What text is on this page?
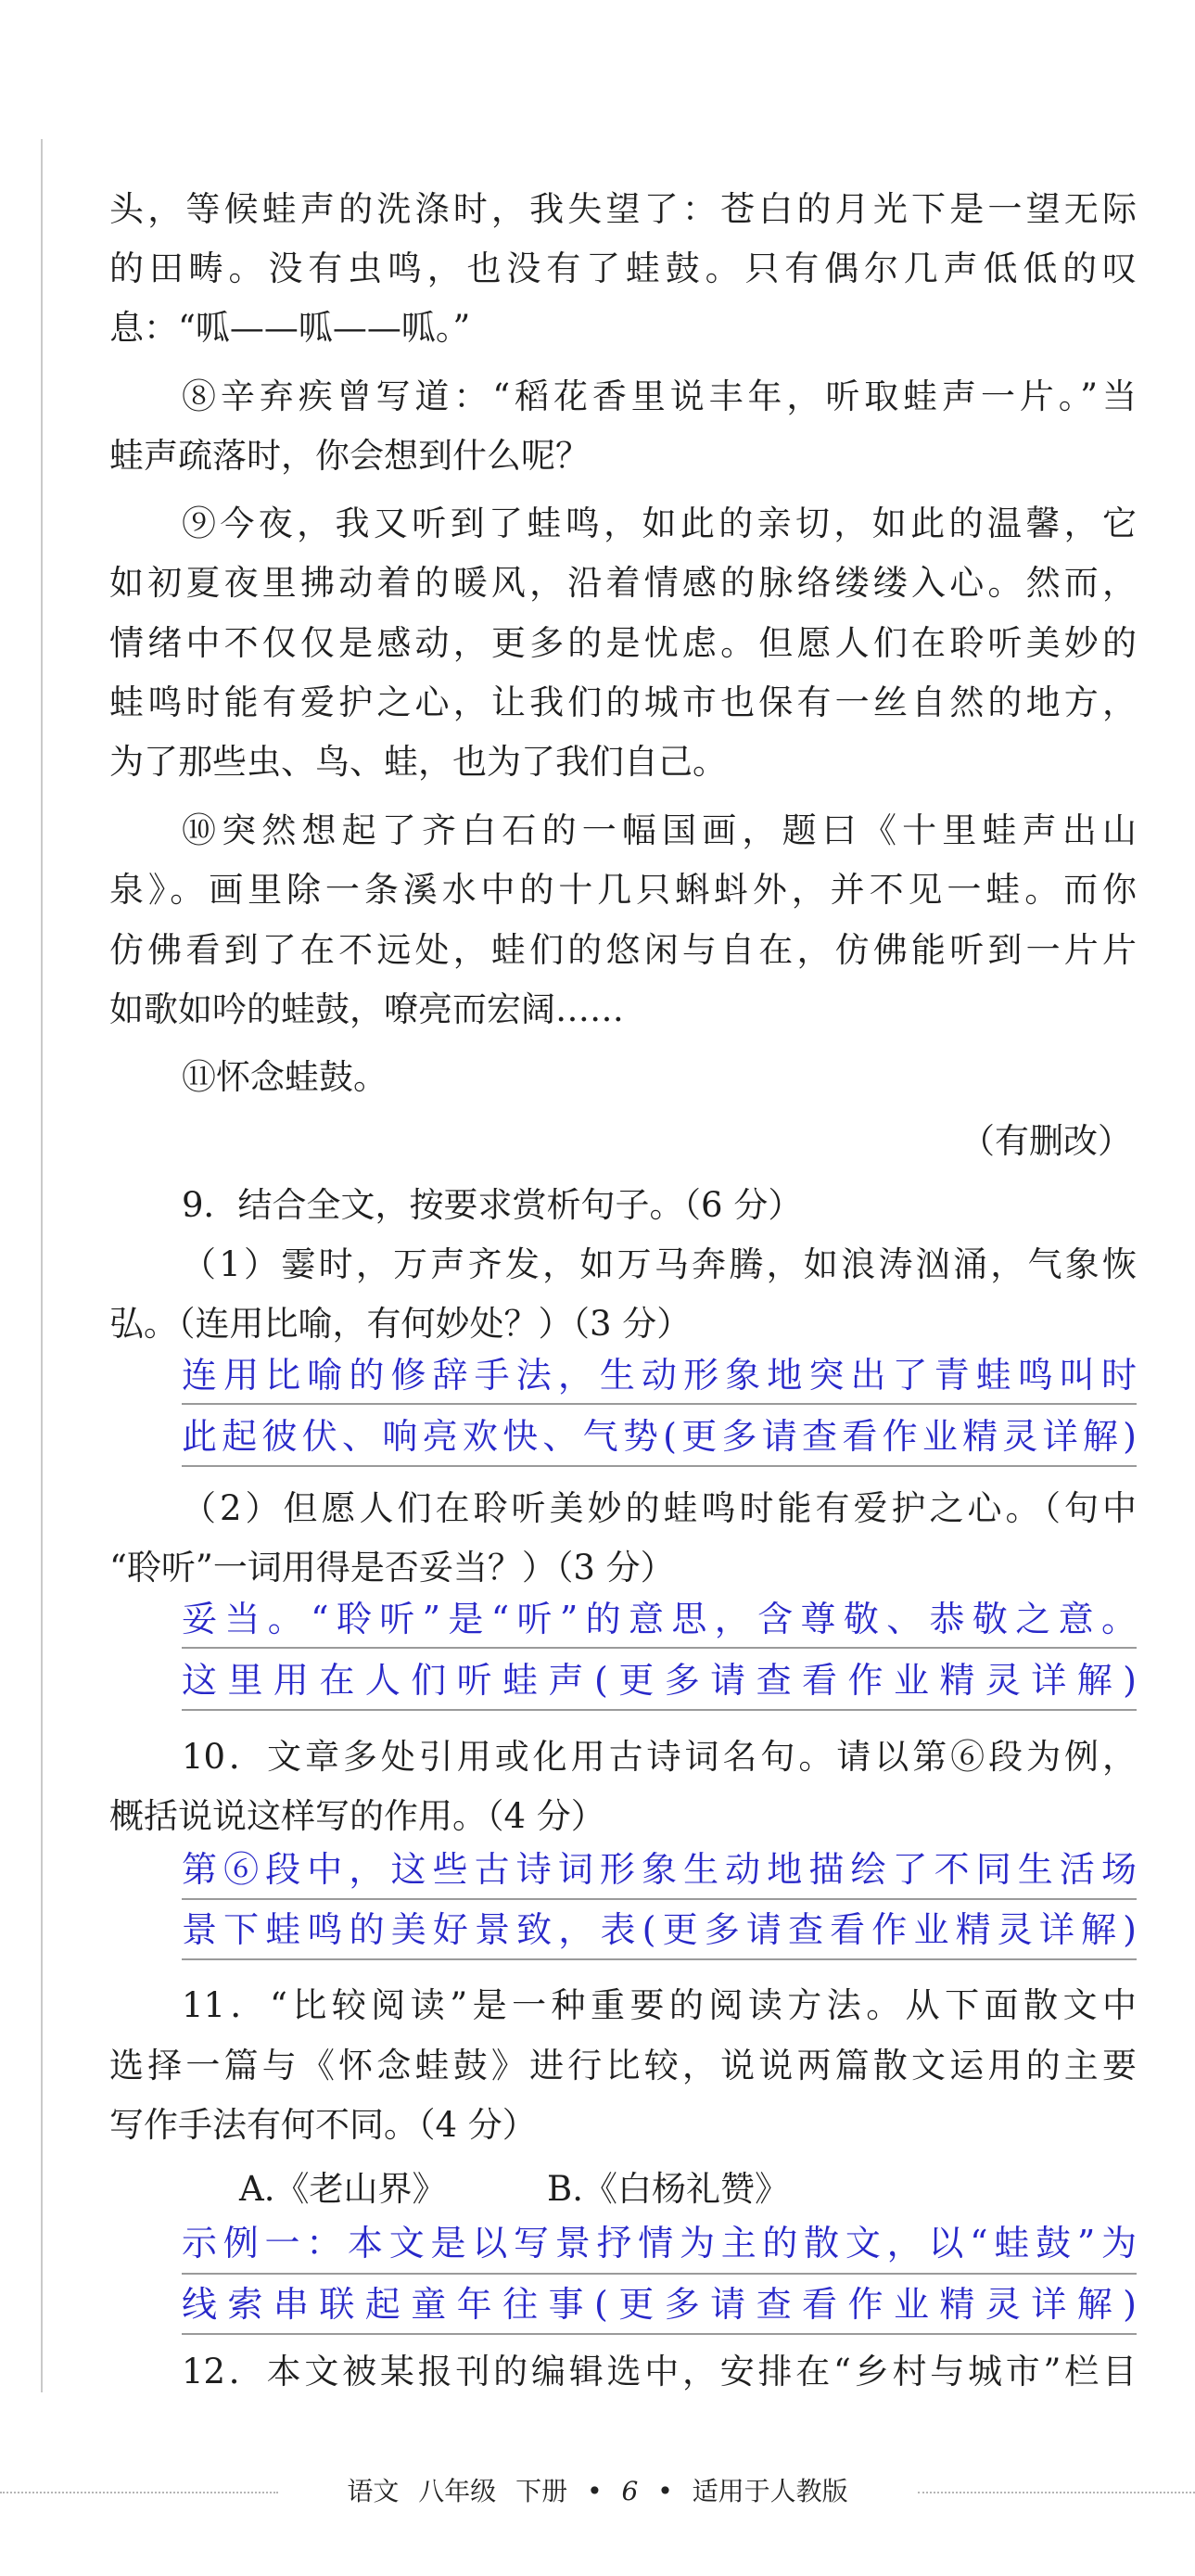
头，等候蛙声的洗涤时，我失望了：苍白的月光下是一望无际
的田畴。没有虫鸣，也没有了蛙鼓。只有偶尔几声低低的叹
息：“呱——呱——呱。”
⑧辛弃疾曾写道：“稻花香里说丰年，听取蛙声一片。”当
蛙声疏落时，你会想到什么呢？
⑨今夜，我又听到了蛙鸣，如此的亲切，如此的温馨，它
如初夏夜里拂动着的暖风，沿着情感的脉络缕缕入心。然而，
情绪中不仅仅是感动，更多的是忧虑。但愿人们在聆听美妙的
蛙鸣时能有爱护之心，让我们的城市也保有一丝自然的地方，
为了那些虫、鸟、蛙，也为了我们自己。
⑩突然想起了齐白石的一幅国画，题曰《十里蛙声出山
泉》。画里除一条溪水中的十几只蝌蚪外，并不见一蛙。而你
仿佛看到了在不远处，蛙们的悠闲与自在，仿佛能听到一片片
如歌如吟的蛙鼓，嘹亮而宏阔……
⑪怀念蛙鼓。
（有删改）
9．结合全文，按要求赏析句子。（6 分）
（1）霎时，万声齐发，如万马奔腾，如浪涛汹涌，气象恢
弘。（连用比喻，有何妙处？）（3 分）
连用比喻的修辞手法，生动形象地突出了青蛙鸣叫时
此起彼伏、响亮欢快、气势(更多请查看作业精灵详解)
（2）但愿人们在聆听美妙的蛙鸣时能有爱护之心。（句中
“聆听”一词用得是否妥当？）（3 分）
妥当。“聆听”是“听”的意思，含尊敬、恭敬之意。
这里用在人们听蛙声(更多请查看作业精灵详解)
10．文章多处引用或化用古诗词名句。请以第⑥段为例，
概括说说这样写的作用。（4 分）
第⑥段中，这些古诗词形象生动地描绘了不同生活场
景下蛙鸣的美好景致，表(更多请查看作业精灵详解)
11．“比较阅读”是一种重要的阅读方法。从下面散文中
选择一篇与《怀念蛙鼓》进行比较，说说两篇散文运用的主要
写作手法有何不同。（4 分）
A.《老山界》	B.《白杨礼赞》
示例一：本文是以写景抒情为主的散文，以“蛙鼓”为
线索串联起童年往事(更多请查看作业精灵详解)
12．本文被某报刊的编辑选中，安排在“乡村与城市”栏目
语文 八年级 下册 • 6 • 适用于人教版
